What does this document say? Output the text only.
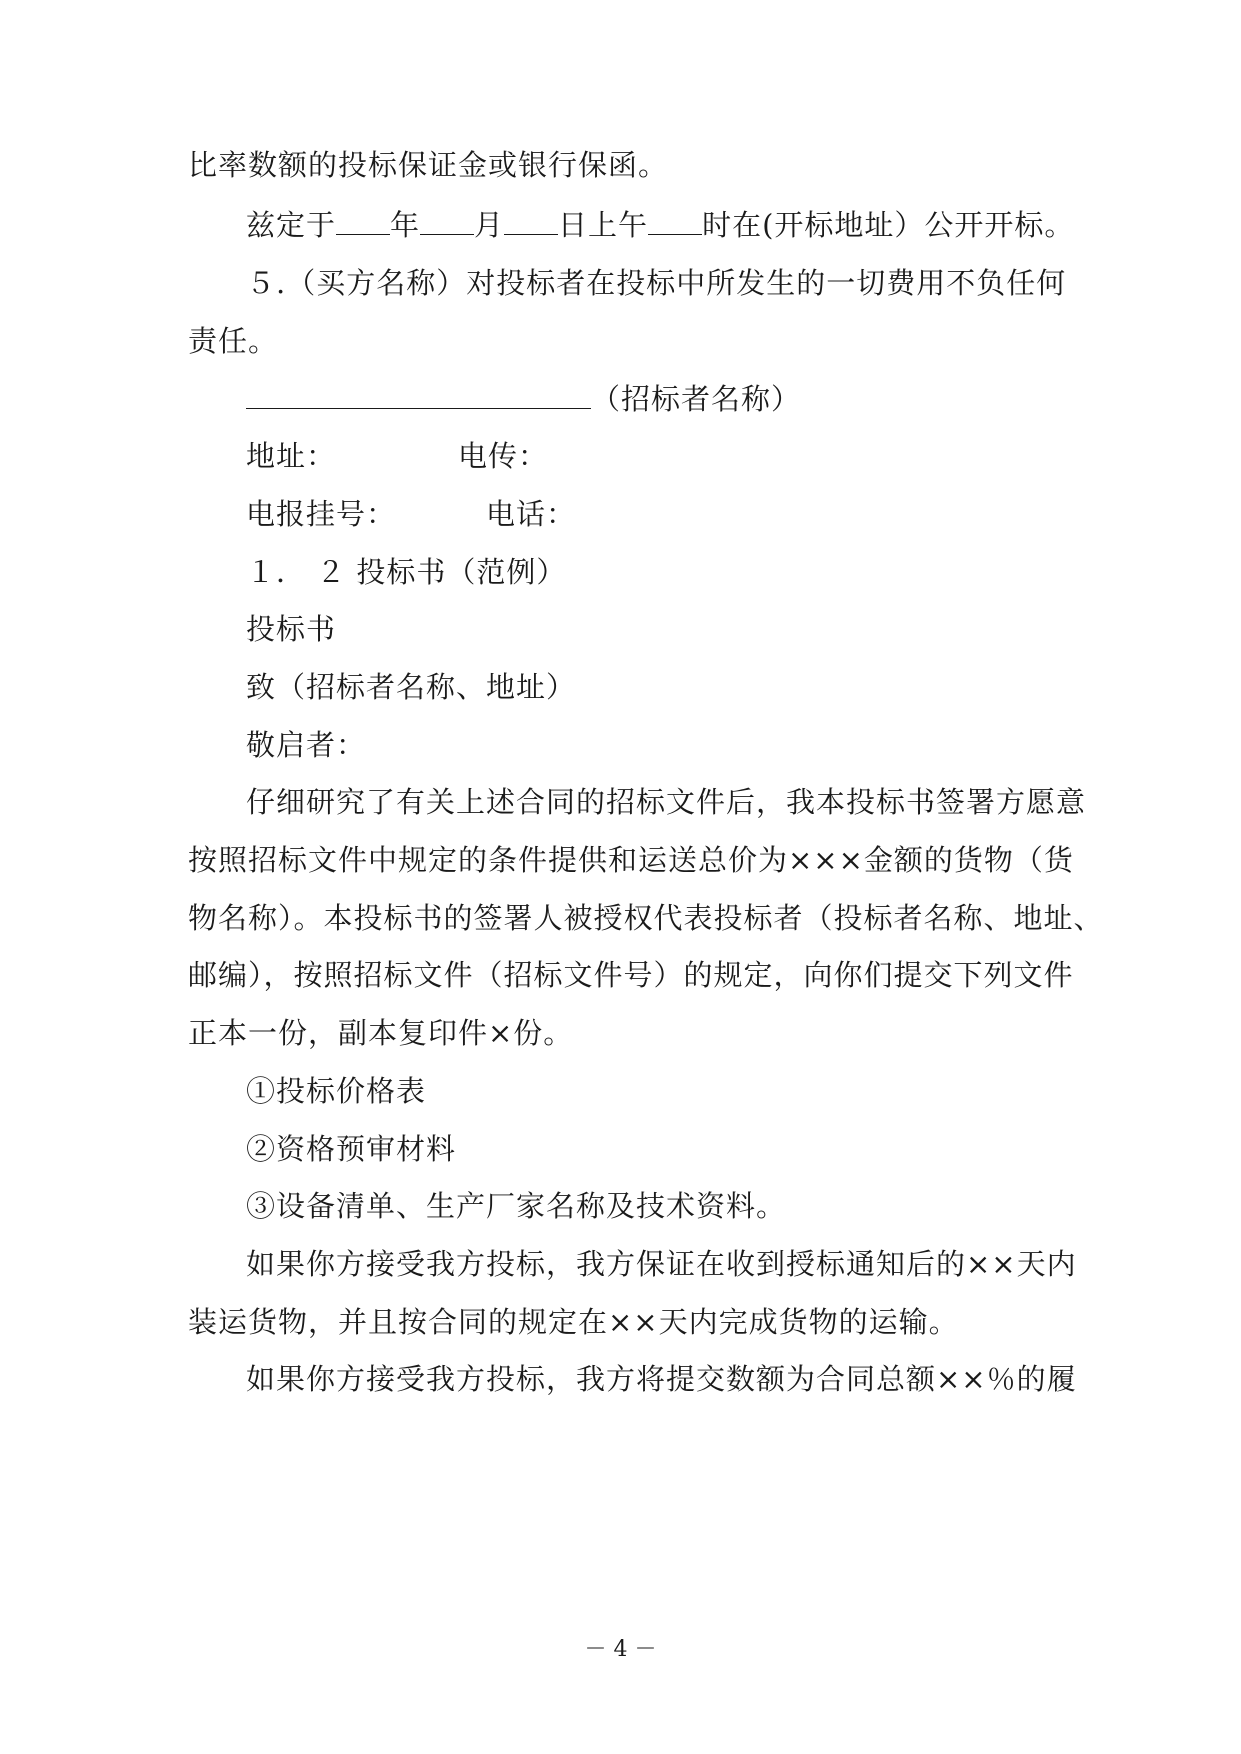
比率数额的投标保证金或银行保函。
兹定于 年 月 日上午 时在(开标地址）公开开标。
５.（买方名称）对投标者在投标中所发生的一切费用不负任何
责任。
（招标者名称）
地址：	电传：
电报挂号：	电话：
１． ２ 投标书（范例）
投标书
致（招标者名称、地址）
敬启者：
仔细研究了有关上述合同的招标文件后，我本投标书签署方愿意
按照招标文件中规定的条件提供和运送总价为×××金额的货物（货
物名称）。本投标书的签署人被授权代表投标者（投标者名称、地址、
邮编），按照招标文件（招标文件号）的规定，向你们提交下列文件
正本一份，副本复印件×份。
①投标价格表
②资格预审材料
③设备清单、生产厂家名称及技术资料。
如果你方接受我方投标，我方保证在收到授标通知后的××天内
装运货物，并且按合同的规定在××天内完成货物的运输。
如果你方接受我方投标，我方将提交数额为合同总额××％的履
－ 4 －
